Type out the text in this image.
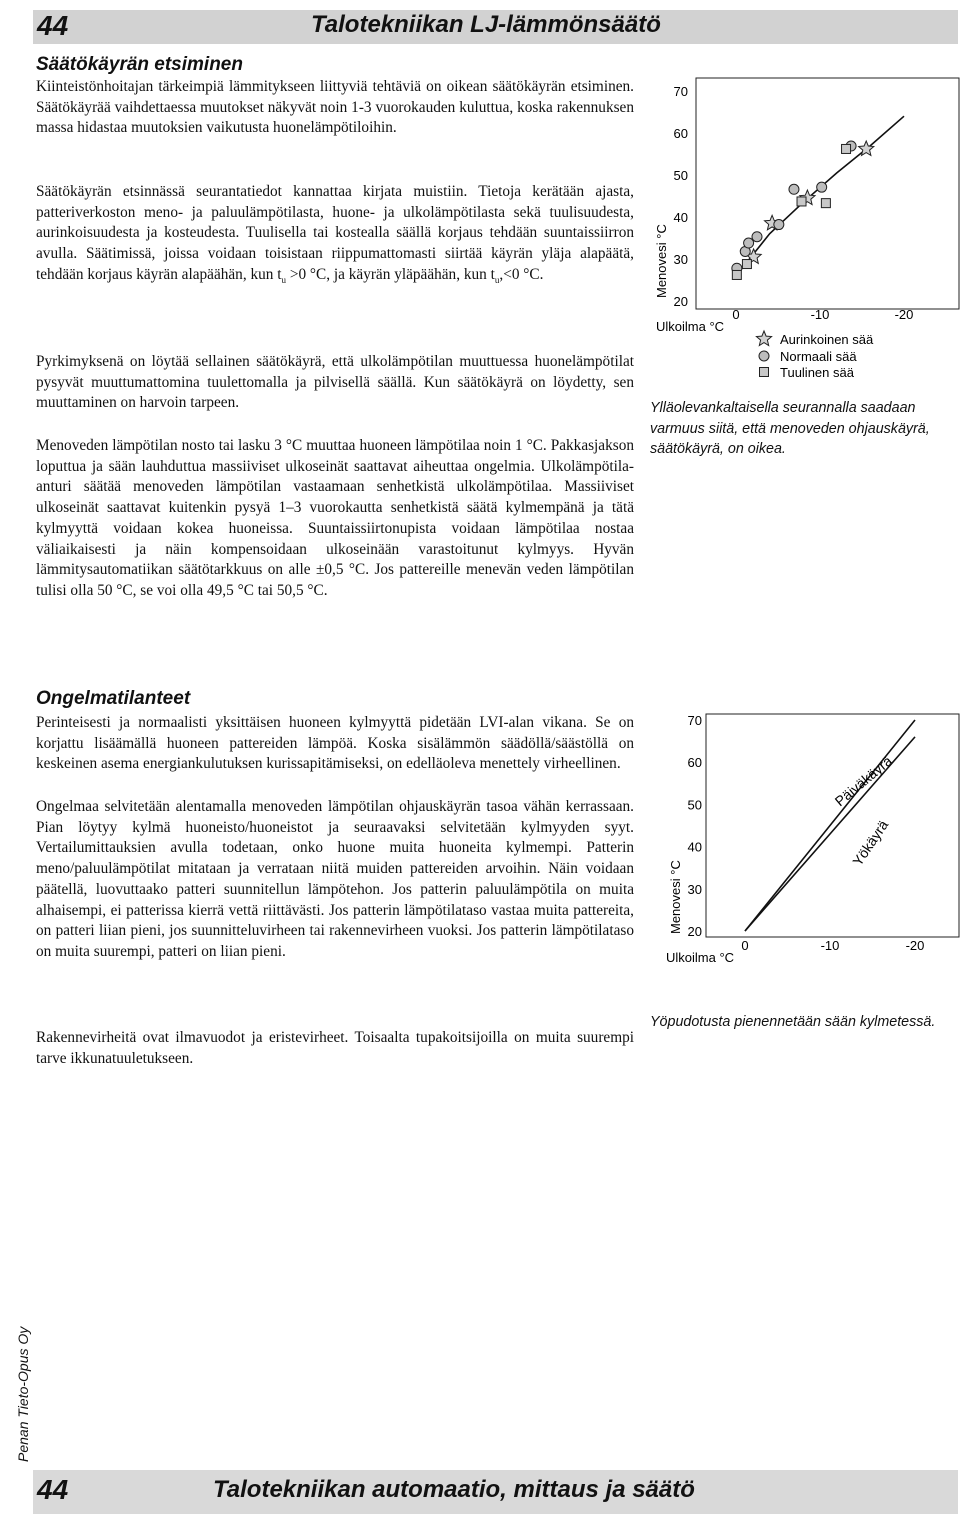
44	Talotekniikan LJ-lämmönsäätö
Säätökäyrän etsiminen

Kiinteistönhoitajan tärkeimpiä lämmitykseen liittyviä tehtäviä on oikean säätökäyrän etsiminen. Säätökäyrää vaihdettaessa muutokset näkyvät noin 1-3 vuorokauden kuluttua, koska rakennuksen massa hidastaa muutoksien vaikutusta huonelämpötiloihin.

Säätökäyrän etsinnässä seurantatiedot kannattaa kirjata muistiin. Tietoja kerätään ajasta, patteriverkoston meno- ja paluulämpötilasta, huone- ja ulkolämpötilasta sekä tuulisuudesta, aurinkoisuudesta ja kosteudesta. Tuulisella tai kostealla säällä korjaus tehdään suuntaissiirron avulla. Säätimissä, joissa voidaan toisistaan riippumattomasti siirtää käyrän yläja alapäätä, tehdään korjaus käyrän alapäähän, kun $t_u >0$ °C, ja käyrän yläpäähän, kun $t_u,<0$ °C.

Pyrkimyksenä on löytää sellainen säätökäyrä, että ulkolämpötilan muuttuessa huonelämpötilat pysyvät muuttumattomina tuulettomalla ja pilvisellä säällä. Kun säätökäyrä on löydetty, sen muuttaminen on harvoin tarpeen.

Menoveden lämpötilan nosto tai lasku 3 °C muuttaa huoneen lämpötilaa noin 1 °C. Pakkasjakson loputtua ja sään lauhduttua massiiviset ulkoseinät saattavat aiheuttaa ongelmia. Ulkolämpötila-anturi säätää menoveden lämpötilan vastaamaan senhetkistä ulkolämpötilaa. Massiiviset ulkoseinät saattavat kuitenkin pysyä 1–3 vuorokautta senhetkistä säätä kylmempänä ja tätä kylmyyttä voidaan kokea huoneissa. Suuntaissiirtonupista voidaan lämpötilaa nostaa väliaikaisesti ja näin kompensoidaan ulkoseinään varastoitunut kylmyys. Hyvän lämmitysautomatiikan säätötarkkuus on alle ±0,5 °C. Jos pattereille menevän veden lämpötilan tulisi olla 50 °C, se voi olla 49,5 °C tai 50,5 °C.

70
60
50
40
30
20
0	-10	-20
Ulkoilma °C
Menovesi °C
Aurinkoinen sää
Normaali sää
Tuulinen sää

Ylläolevankaltaisella seurannalla saadaan varmuus siitä, että menoveden ohjauskäyrä, säätökäyrä, on oikea.

Ongelmatilanteet

Perinteisesti ja normaalisti yksittäisen huoneen kylmyyttä pidetään LVI-alan vikana. Se on korjattu lisäämällä huoneen pattereiden lämpöä. Koska sisälämmön säädöllä/säästöllä on keskeinen asema energiankulutuksen kurissapitämiseksi, on edelläoleva menettely virheellinen.

Ongelmaa selvitetään alentamalla menoveden lämpötilan ohjauskäyrän tasoa vähän kerrassaan. Pian löytyy kylmä huoneisto/huoneistot ja seuraavaksi selvitetään kylmyyden syyt. Vertailumittauksien avulla todetaan, onko huone muita huoneita kylmempi. Patterin meno/paluulämpötilat mitataan ja verrataan niitä muiden pattereiden arvoihin. Näin voidaan päätellä, luovuttaako patteri suunnitellun lämpötehon. Jos patterin paluulämpötila on muita alhaisempi, ei patterissa kierrä vettä riittävästi. Jos patterin lämpötilataso vastaa muita pattereita, on patteri liian pieni, jos suunnitteluvirheen tai rakennevirheen vuoksi. Jos patterin lämpötilataso on muita suurempi, patteri on liian pieni.

Rakennevirheitä ovat ilmavuodot ja eristevirheet. Toisaalta tupakoitsijoilla on muita suurempi tarve ikkunatuuletukseen.

70
60
50
40
30
20
0	-10	-20
Ulkoilma °C
Menovesi °C
Päiväkäyrä
Yökäyrä

Yöpudotusta pienennetään sään kylmetessä.

Penan Tieto-Opus Oy
44	Talotekniikan automaatio, mittaus ja säätö
